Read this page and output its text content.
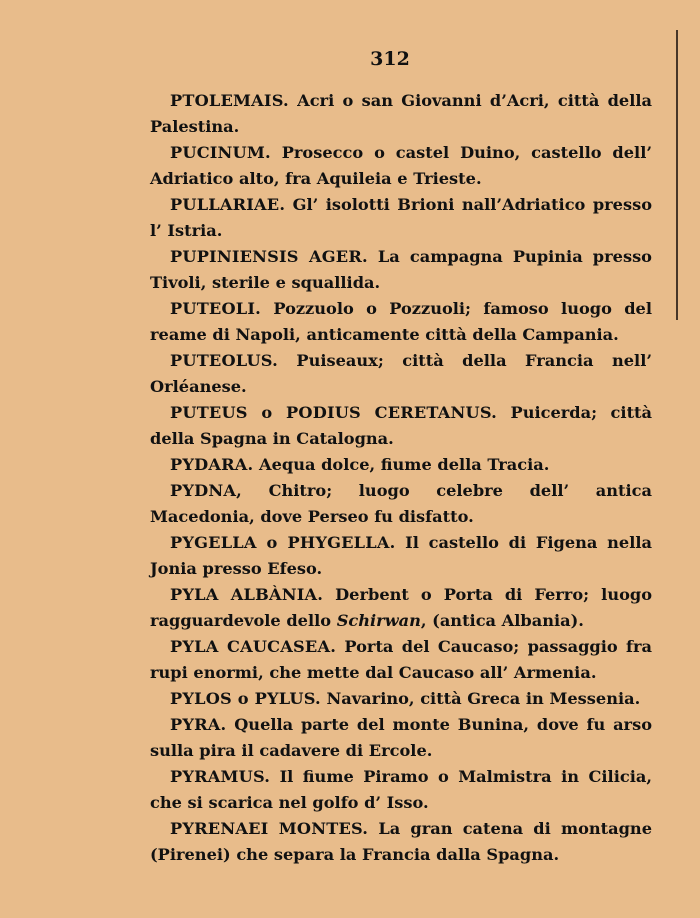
312

PTOLEMAIS. Acri o san Giovanni d’Acri, città della Palestina.

PUCINUM. Prosecco o castel Duino, castello dell’ Adriatico alto, fra Aquileia e Trieste.

PULLARIAE. Gl’ isolotti Brioni nall’Adriatico presso l’ Istria.

PUPINIENSIS AGER. La campagna Pupinia presso Tivoli, sterile e squallida.

PUTEOLI. Pozzuolo o Pozzuoli; famoso luogo del reame di Napoli, anticamente città della Campania.

PUTEOLUS. Puiseaux; città della Francia nell’ Orléanese.

PUTEUS o PODIUS CERETANUS. Puicerda; città della Spagna in Catalogna.

PYDARA. Aequa dolce, fiume della Tracia.

PYDNA, Chitro; luogo celebre dell’ antica Macedonia, dove Perseo fu disfatto.

PYGELLA o PHYGELLA. Il castello di Figena nella Jonia presso Efeso.

PYLA ALBÀNIA. Derbent o Porta di Ferro; luogo ragguardevole dello Schirwan, (antica Albania).

PYLA CAUCASEA. Porta del Caucaso; passaggio fra rupi enormi, che mette dal Caucaso all’ Armenia.

PYLOS o PYLUS. Navarino, città Greca in Messenia.

PYRA. Quella parte del monte Bunina, dove fu arso sulla pira il cadavere di Ercole.

PYRAMUS. Il fiume Piramo o Malmistra in Cilicia, che si scarica nel golfo d’ Isso.

PYRENAEI MONTES. La gran catena di montagne (Pirenei) che separa la Francia dalla Spagna.
